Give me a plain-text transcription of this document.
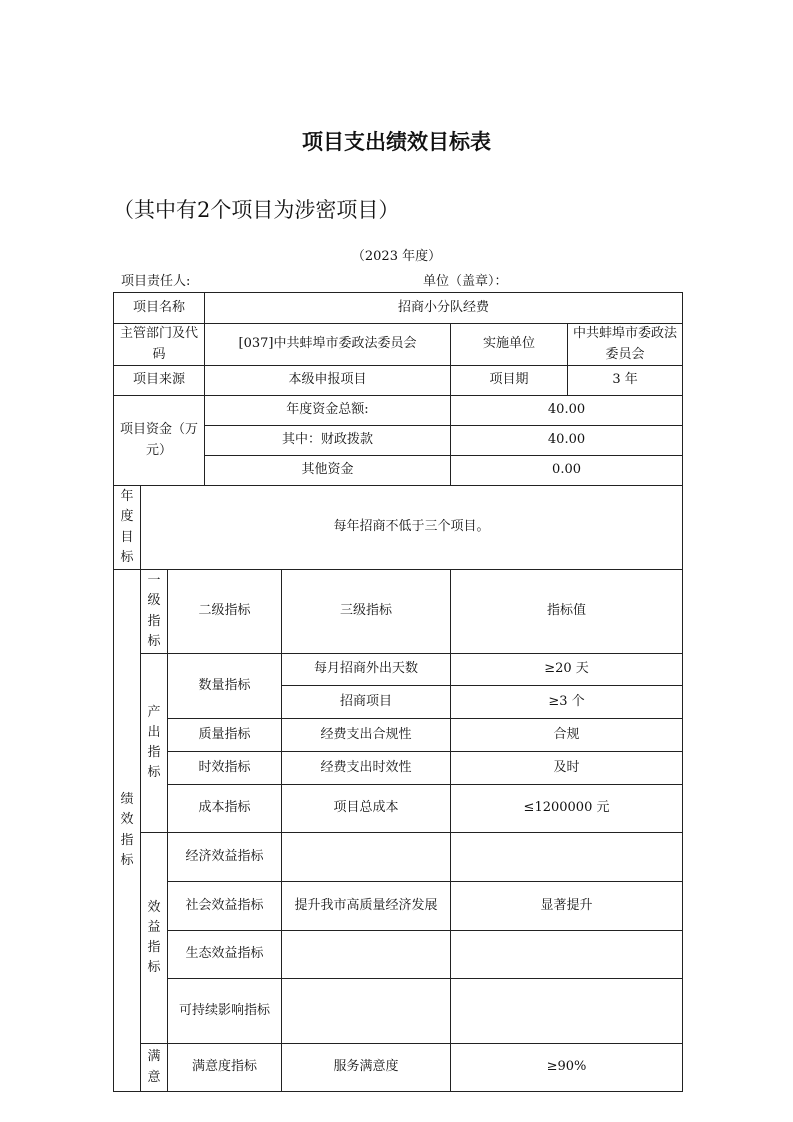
项目支出绩效目标表
（其中有2个项目为涉密项目）
（2023 年度）
项目责任人:	单位（盖章）：
项目名称			招商小分队经费			
主管部门及代码			[037]中共蚌埠市委政法委员会		实施单位	中共蚌埠市委政法委员会
项目来源			本级申报项目		项目期	3 年
项目资金（万元）			年度资金总额:		40.00	
			其中：财政拨款		40.00	
			其他资金		0.00	
年度目标	每年招商不低于三个项目。					
绩效指标	一级指标	二级指标		三级指标	指标值	
	产出指标	数量指标		每月招商外出天数	≥20 天	
				招商项目	≥3 个	
		质量指标		经费支出合规性	合规	
		时效指标		经费支出时效性	及时	
		成本指标		项目总成本	≤1200000 元	
	效益指标	经济效益指标				
		社会效益指标		提升我市高质量经济发展	显著提升	
		生态效益指标				
		可持续影响指标				
	满意	满意度指标		服务满意度	≥90%	
